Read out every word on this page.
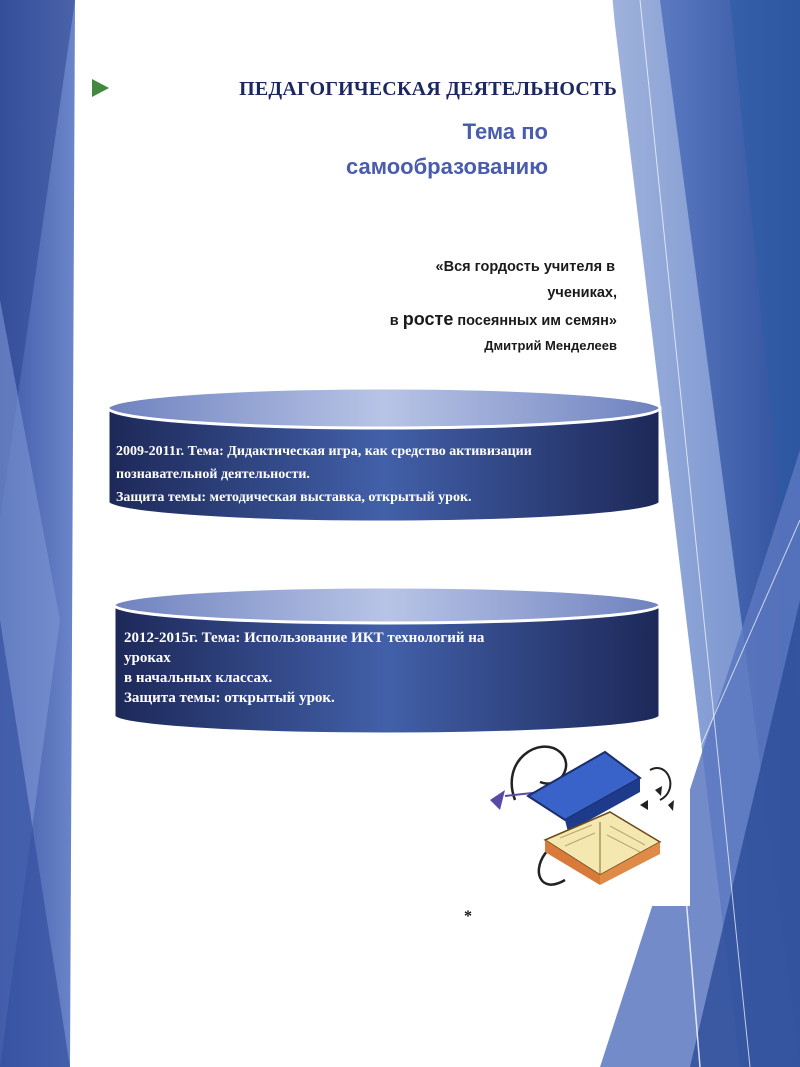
ПЕДАГОГИЧЕСКАЯ ДЕЯТЕЛЬНОСТЬ
Тема по
самообразованию
«Вся гордость учителя в
учениках,
в росте посеянных им семян»
Дмитрий Менделеев
2009-2011г. Тема: Дидактическая игра, как средство активизации
познавательной деятельности.
Защита темы: методическая выставка, открытый урок.
2012-2015г. Тема: Использование ИКТ технологий на
уроках
в начальных классах.
Защита темы: открытый урок.
*
